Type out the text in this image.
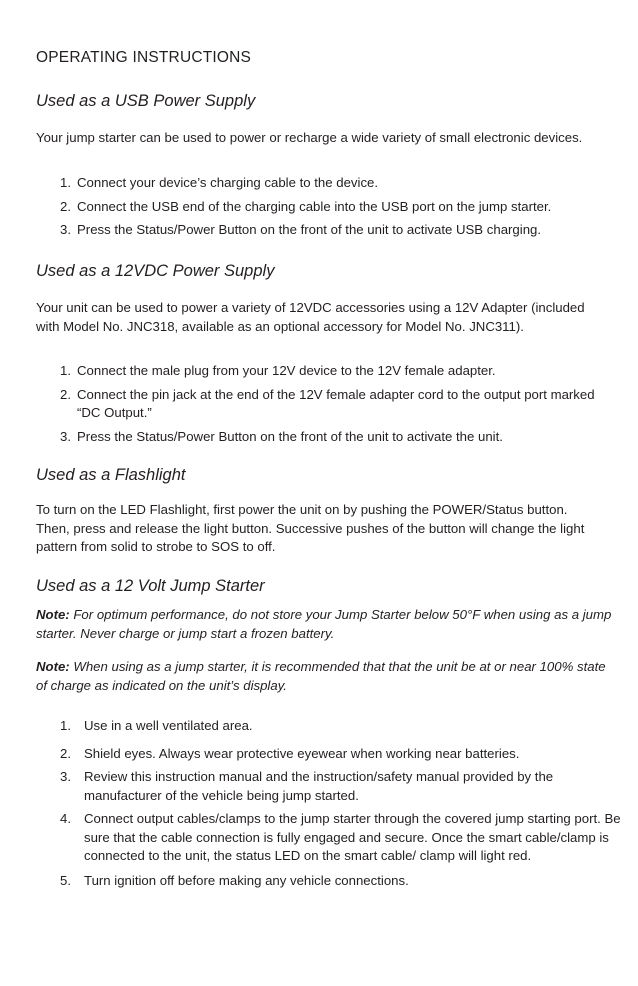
OPERATING INSTRUCTIONS
Used as a USB Power Supply
Your jump starter can be used to power or recharge a wide variety of small electronic devices.
1. Connect your device’s charging cable to the device.
2. Connect the USB end of the charging cable into the USB port on the jump starter.
3. Press the Status/Power Button on the front of the unit to activate USB charging.
Used as a 12VDC Power Supply
Your unit can be used to power a variety of 12VDC accessories using a 12V Adapter (included with Model No. JNC318, available as an optional accessory for Model No. JNC311).
1. Connect the male plug from your 12V device to the 12V female adapter.
2. Connect the pin jack at the end of the 12V female adapter cord to the output port marked “DC Output.”
3. Press the Status/Power Button on the front of the unit to activate the unit.
Used as a Flashlight
To turn on the LED Flashlight, first power the unit on by pushing the POWER/Status button. Then, press and release the light button. Successive pushes of the button will change the light pattern from solid to strobe to SOS to off.
Used as a 12 Volt Jump Starter
Note: For optimum performance, do not store your Jump Starter below 50°F when using as a jump starter. Never charge or jump start a frozen battery.
Note: When using as a jump starter, it is recommended that that the unit be at or near 100% state of charge as indicated on the unit’s display.
1. Use in a well ventilated area.
2. Shield eyes. Always wear protective eyewear when working near batteries.
3. Review this instruction manual and the instruction/safety manual provided by the manufacturer of the vehicle being jump started.
4. Connect output cables/clamps to the jump starter through the covered jump starting port. Be sure that the cable connection is fully engaged and secure. Once the smart cable/clamp is connected to the unit, the status LED on the smart cable/ clamp will light red.
5. Turn ignition off before making any vehicle connections.
